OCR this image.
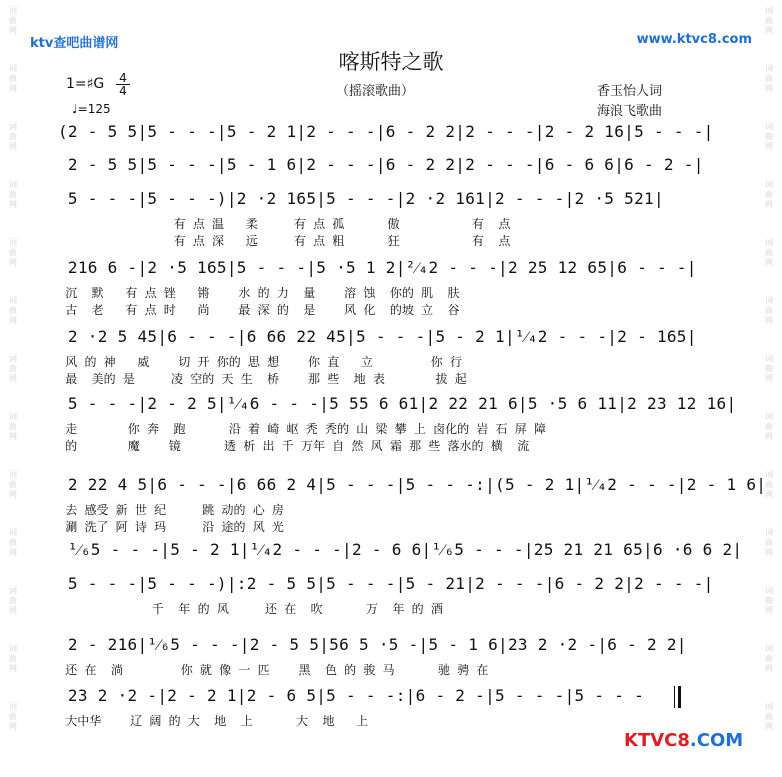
词
曲
网
词
曲
网
词
曲
网
词
曲
网
词
曲
网
词
曲
网
词
曲
网
词
曲
网
词
曲
网
词
曲
网
词
曲
网
词
曲
网
词
曲
网
词
曲
网
词
曲
网
词
曲
网
词
曲
网
词
曲
网
词
曲
网
词
曲
网
词
曲
网
词
曲
网
词
曲
网
词
曲
网
词
曲
网
词
曲
网
ktv查吧曲谱网	www.ktvc8.com
喀斯特之歌
（摇滚歌曲）
1=♯G 4
4
♩=125
香玉怡人词
海浪飞歌曲
(2 - 5 5|5 - - -|5 - 2 1|2 - - -|6 - 2 2|2 - - -|2 - 2 16|5 - - -|
2 - 5 5|5 - - -|5 - 1 6|2 - - -|6 - 2 2|2 - - -|6 - 6 6|6 - 2 -|
5 - - -|5 - - -)|2 ·2 165|5 - - -|2 ·2 161|2 - - -|2 ·5 521|
有 点 温   柔     有 点 孤      傲          有  点
有 点 深   远     有 点 粗      狂          有  点
216 6 -|2 ·5 165|5 - - -|5 ·5 1 2|²⁄₄2 - - -|2 25 12 65|6 - - -|
沉  默   有 点 锉   锵    水 的 力  量    溶 蚀  你的 肌  肤
古  老   有 点 时   尚    最 深 的  是    风 化  的坡 立  谷
2 ·2 5 45|6 - - -|6 66 22 45|5 - - -|5 - 2 1|¹⁄₄2 - - -|2 - 165|
风 的 神   威    切 开 你的 思 想    你 直   立        你 行
最  美的 是     凌 空的 天 生  桥    那 些  地 表       拔 起
5 - - -|2 - 2 5|¹⁄₄6 - - -|5 55 6 61|2 22 21 6|5 ·5 6 11|2 23 12 16|
走       你 奔  跑      沿 着 崎 岖 秃 秃的 山 梁 攀 上 卤化的 岩 石 屏 障
的       魔    镜      透 析 出 千 万年 自 然 风 霜 那 些 落水的 横  流
2 22 4 5|6 - - -|6 66 2 4|5 - - -|5 - - -:|(5 - 2 1|¹⁄₄2 - - -|2 - 1 6|
去 感受 新 世 纪     跳 动的 心 房
涮 洗了 阿 诗 玛     沿 途的 风 光
¹⁄₆5 - - -|5 - 2 1|¹⁄₄2 - - -|2 - 6 6|¹⁄₆5 - - -|25 21 21 65|6 ·6 6 2|
5 - - -|5 - - -)|:2 - 5 5|5 - - -|5 - 21|2 - - -|6 - 2 2|2 - - -|
千  年 的 风     还 在  吹      万  年 的 酒
2 - 216|¹⁄₆5 - - -|2 - 5 5|56 5 ·5 -|5 - 1 6|23 2 ·2 -|6 - 2 2|
还 在  淌        你 就 像 一 匹    黑  色 的 骏 马      驰 骋 在
23 2 ·2 -|2 - 2 1|2 - 6 5|5 - - -:|6 - 2 -|5 - - -|5 - - -
大中华    辽 阔 的 大  地  上      大  地   上
KTVC8.COM
